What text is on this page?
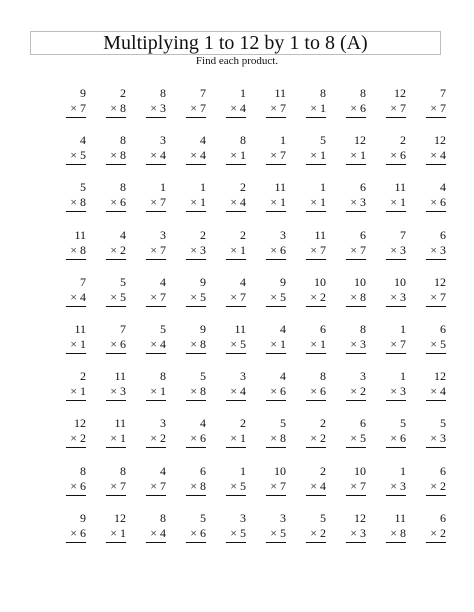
Multiplying 1 to 12 by 1 to 8 (A)
Find each product.
9
× 7
2
× 8
8
× 3
7
× 7
1
× 4
11
× 7
8
× 1
8
× 6
12
× 7
7
× 7
4
× 5
8
× 8
3
× 4
4
× 4
8
× 1
1
× 7
5
× 1
12
× 1
2
× 6
12
× 4
5
× 8
8
× 6
1
× 7
1
× 1
2
× 4
11
× 1
1
× 1
6
× 3
11
× 1
4
× 6
11
× 8
4
× 2
3
× 7
2
× 3
2
× 1
3
× 6
11
× 7
6
× 7
7
× 3
6
× 3
7
× 4
5
× 5
4
× 7
9
× 5
4
× 7
9
× 5
10
× 2
10
× 8
10
× 3
12
× 7
11
× 1
7
× 6
5
× 4
9
× 8
11
× 5
4
× 1
6
× 1
8
× 3
1
× 7
6
× 5
2
× 1
11
× 3
8
× 1
5
× 8
3
× 4
4
× 6
8
× 6
3
× 2
1
× 3
12
× 4
12
× 2
11
× 1
3
× 2
4
× 6
2
× 1
5
× 8
2
× 2
6
× 5
5
× 6
5
× 3
8
× 6
8
× 7
4
× 7
6
× 8
1
× 5
10
× 7
2
× 4
10
× 7
1
× 3
6
× 2
9
× 6
12
× 1
8
× 4
5
× 6
3
× 5
3
× 5
5
× 2
12
× 3
11
× 8
6
× 2
